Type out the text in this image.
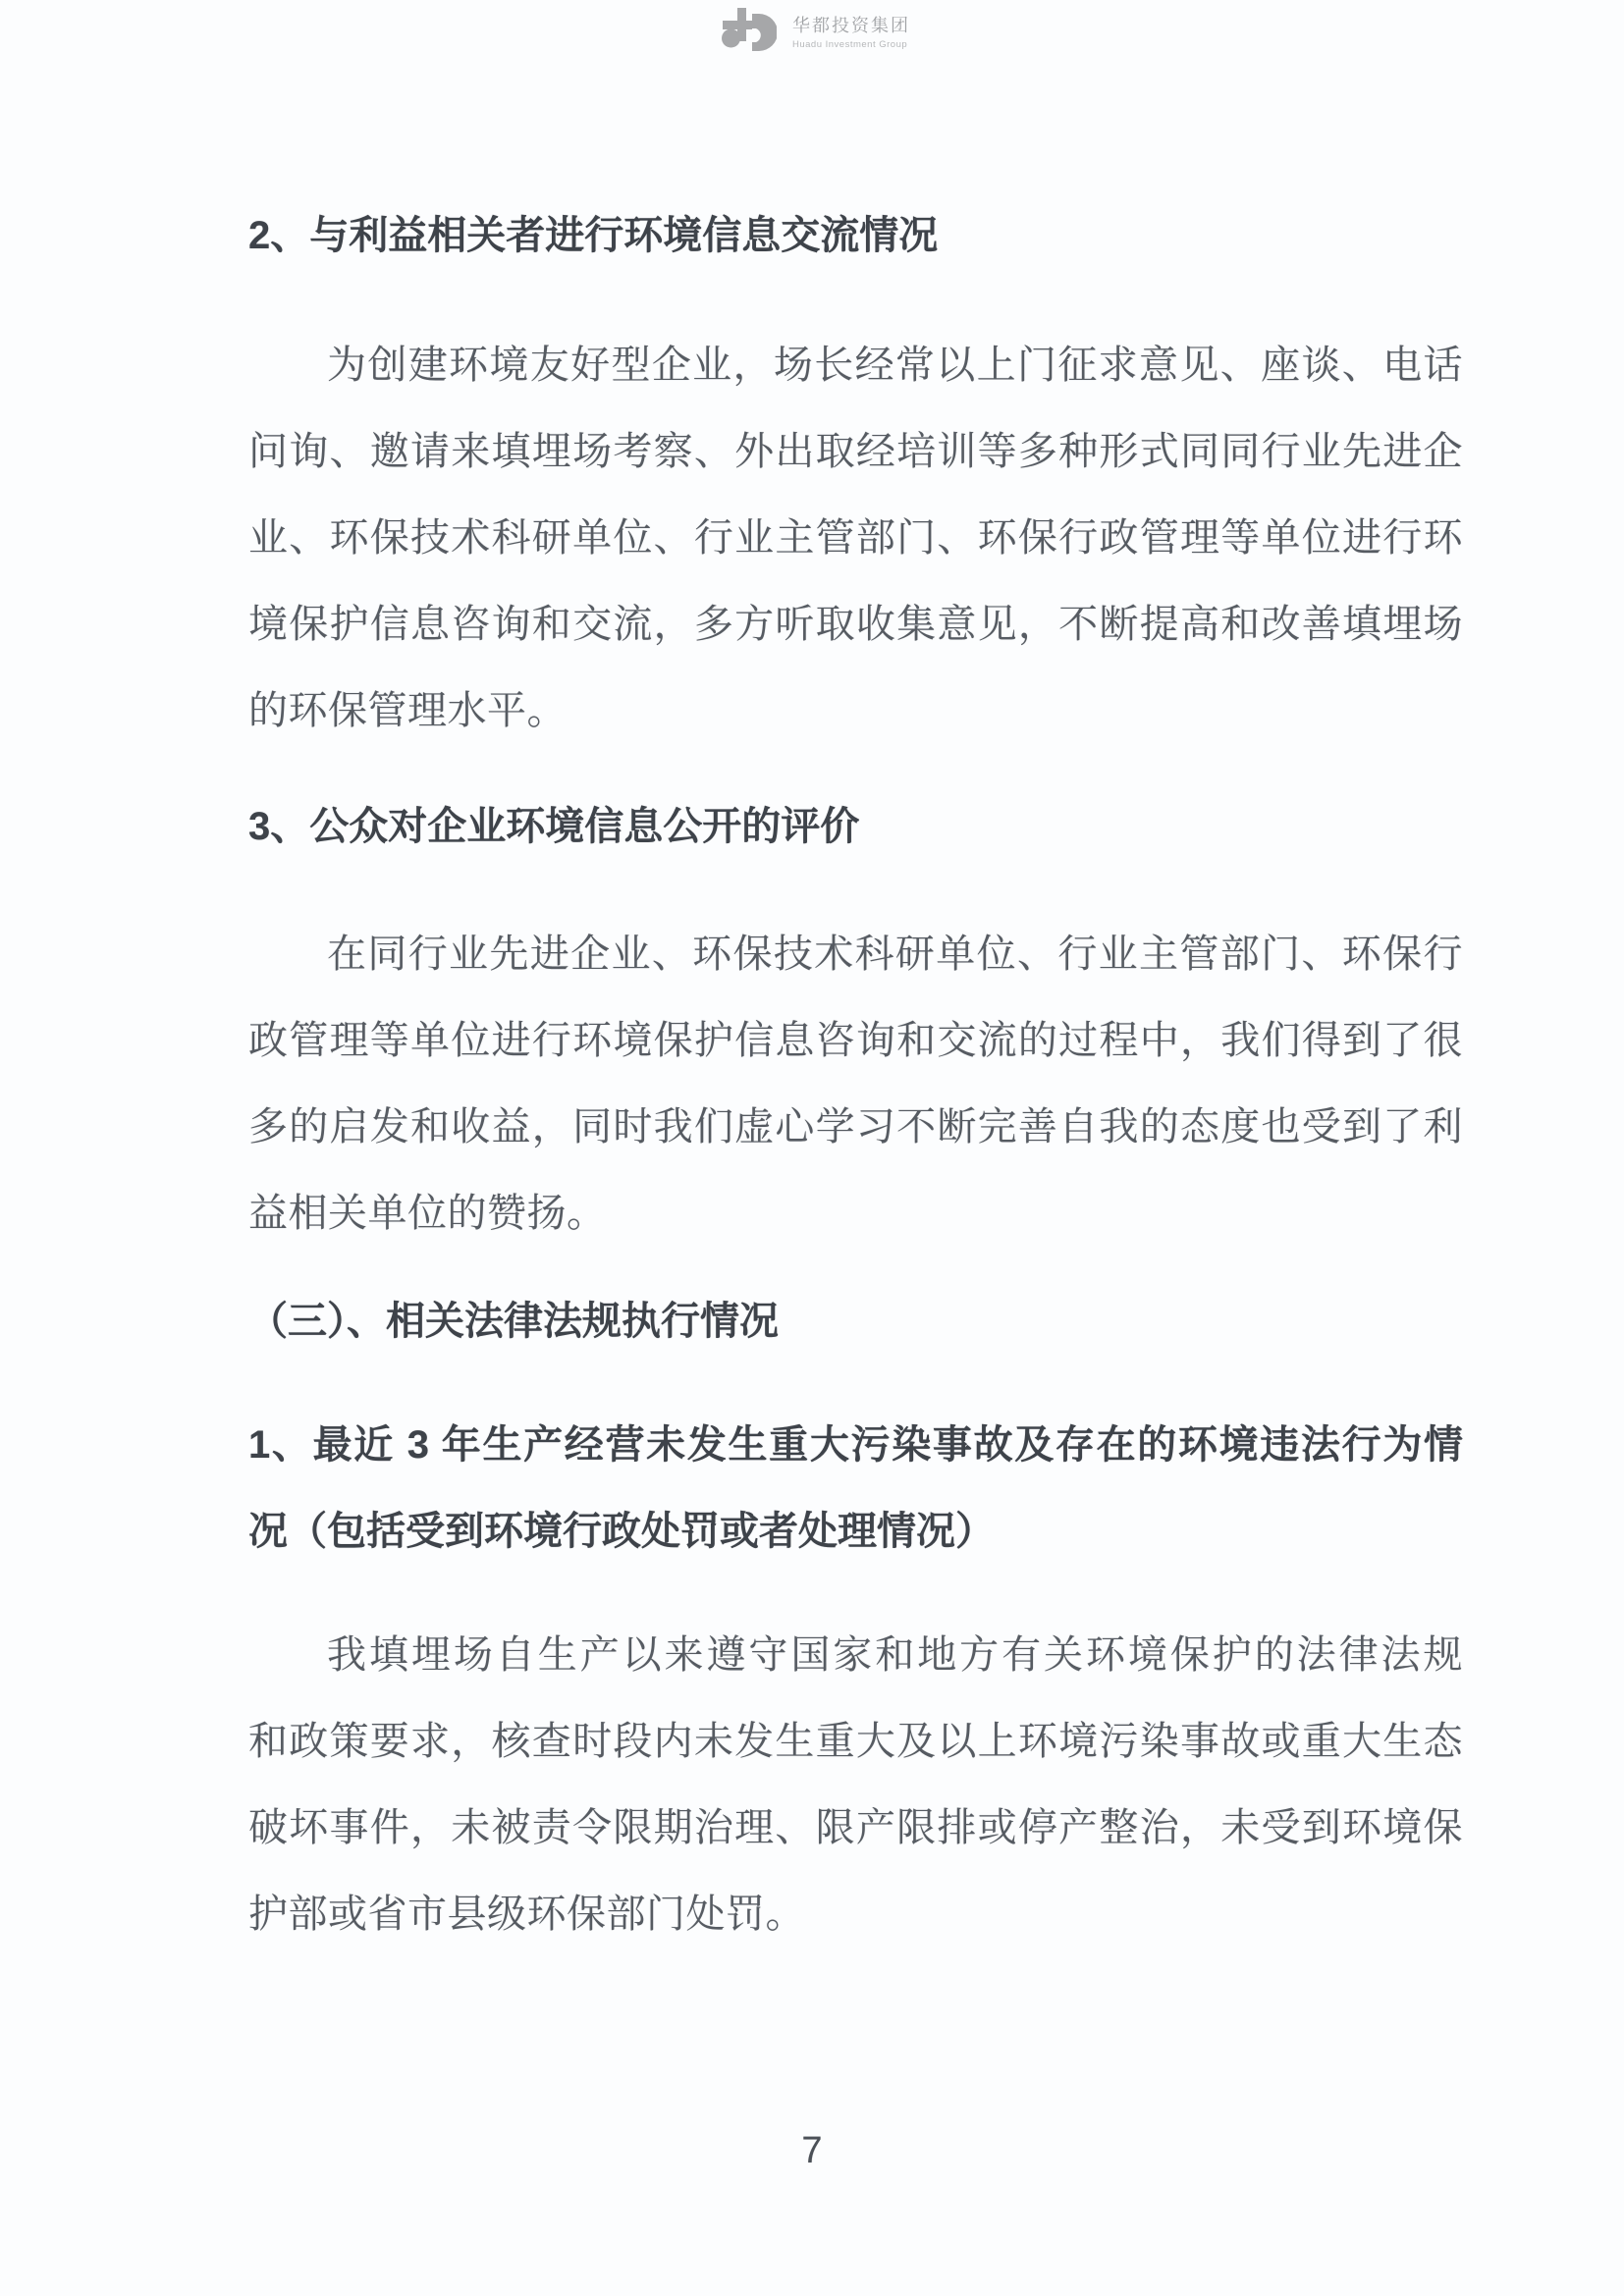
华都投资集团
Huadu Investment Group
2、与利益相关者进行环境信息交流情况
为创建环境友好型企业，场长经常以上门征求意见、座谈、电话
问询、邀请来填埋场考察、外出取经培训等多种形式同同行业先进企
业、环保技术科研单位、行业主管部门、环保行政管理等单位进行环
境保护信息咨询和交流，多方听取收集意见，不断提高和改善填埋场
的环保管理水平。
3、公众对企业环境信息公开的评价
在同行业先进企业、环保技术科研单位、行业主管部门、环保行
政管理等单位进行环境保护信息咨询和交流的过程中，我们得到了很
多的启发和收益，同时我们虚心学习不断完善自我的态度也受到了利
益相关单位的赞扬。
（三）、相关法律法规执行情况
1、最近 3 年生产经营未发生重大污染事故及存在的环境违法行为情
况（包括受到环境行政处罚或者处理情况）
我填埋场自生产以来遵守国家和地方有关环境保护的法律法规
和政策要求，核查时段内未发生重大及以上环境污染事故或重大生态
破坏事件，未被责令限期治理、限产限排或停产整治，未受到环境保
护部或省市县级环保部门处罚。
7
